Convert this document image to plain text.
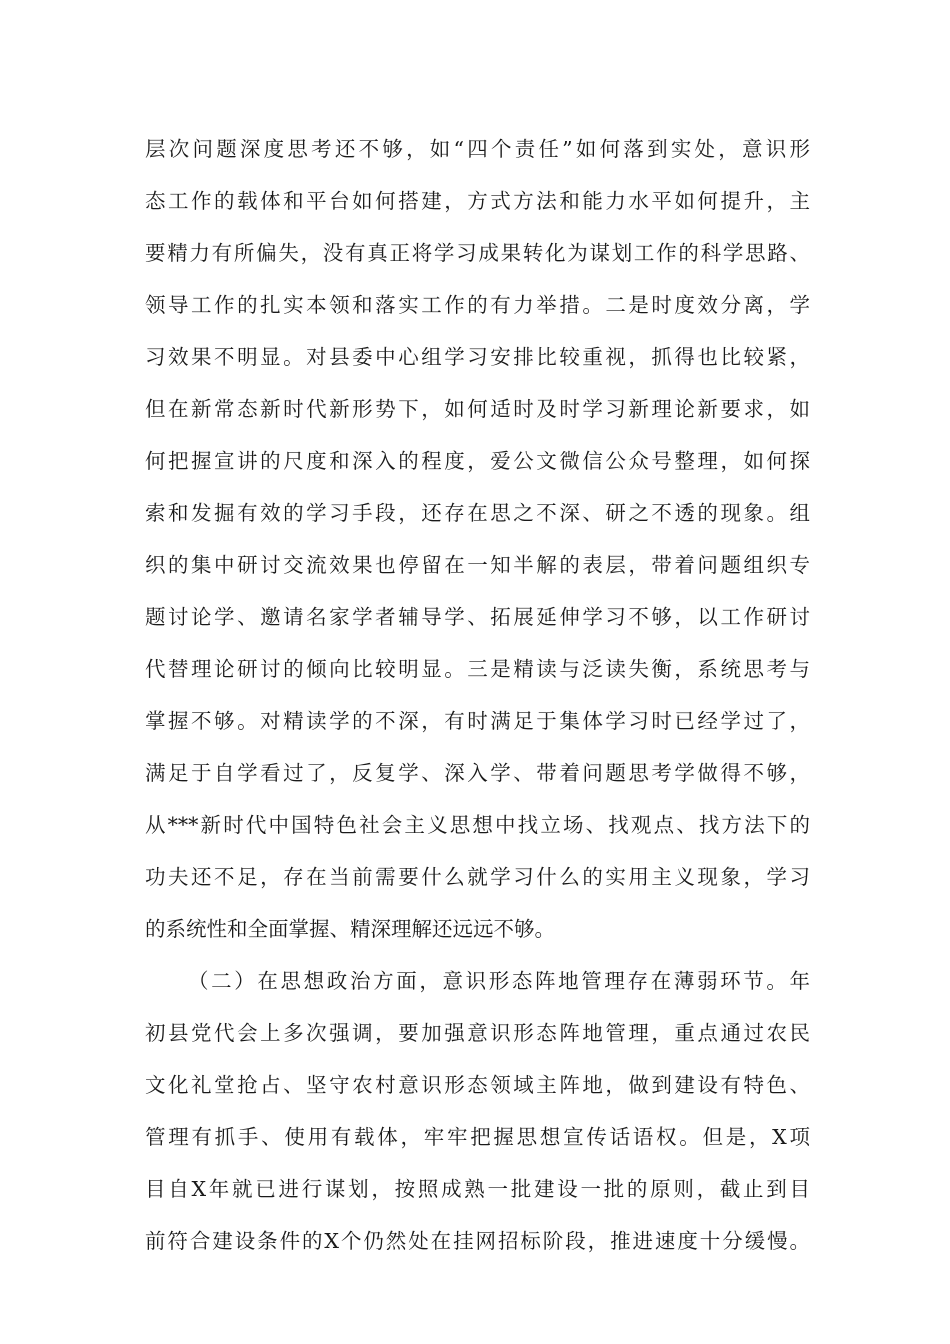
层次问题深度思考还不够，如“四个责任”如何落到实处，意识形
态工作的载体和平台如何搭建，方式方法和能力水平如何提升，主
要精力有所偏失，没有真正将学习成果转化为谋划工作的科学思路、
领导工作的扎实本领和落实工作的有力举措。二是时度效分离，学
习效果不明显。对县委中心组学习安排比较重视，抓得也比较紧，
但在新常态新时代新形势下，如何适时及时学习新理论新要求，如
何把握宣讲的尺度和深入的程度，爱公文微信公众号整理，如何探
索和发掘有效的学习手段，还存在思之不深、研之不透的现象。组
织的集中研讨交流效果也停留在一知半解的表层，带着问题组织专
题讨论学、邀请名家学者辅导学、拓展延伸学习不够，以工作研讨
代替理论研讨的倾向比较明显。三是精读与泛读失衡，系统思考与
掌握不够。对精读学的不深，有时满足于集体学习时已经学过了，
满足于自学看过了，反复学、深入学、带着问题思考学做得不够，
从***新时代中国特色社会主义思想中找立场、找观点、找方法下的
功夫还不足，存在当前需要什么就学习什么的实用主义现象，学习
的系统性和全面掌握、精深理解还远远不够。
（二）在思想政治方面，意识形态阵地管理存在薄弱环节。年
初县党代会上多次强调，要加强意识形态阵地管理，重点通过农民
文化礼堂抢占、坚守农村意识形态领域主阵地，做到建设有特色、
管理有抓手、使用有载体，牢牢把握思想宣传话语权。但是，X项
目自X年就已进行谋划，按照成熟一批建设一批的原则，截止到目
前符合建设条件的X个仍然处在挂网招标阶段，推进速度十分缓慢。
